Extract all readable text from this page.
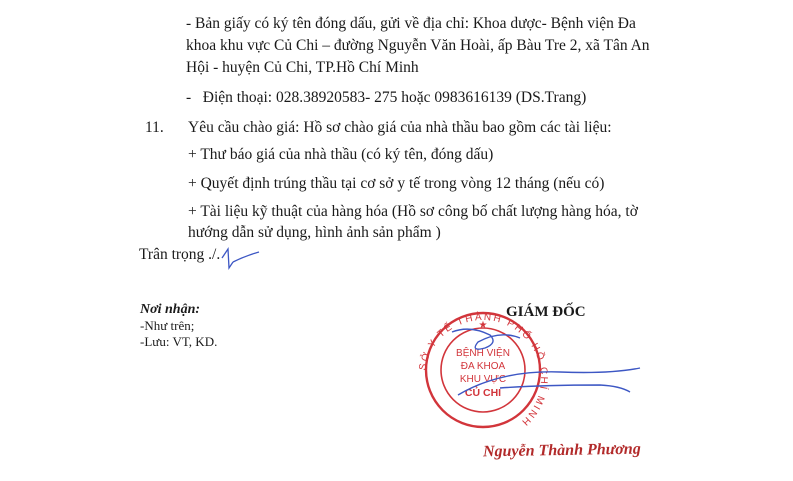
- Bản giấy có ký tên đóng dấu, gửi về địa chỉ: Khoa dược- Bệnh viện Đa
khoa khu vực Củ Chi – đường Nguyễn Văn Hoài, ấp Bàu Tre 2, xã Tân An
Hội - huyện Củ Chi, TP.Hồ Chí Minh
- Điện thoại: 028.38920583- 275 hoặc 0983616139 (DS.Trang)
11. Yêu cầu chào giá: Hồ sơ chào giá của nhà thầu bao gồm các tài liệu:
+ Thư báo giá của nhà thầu (có ký tên, đóng dấu)
+ Quyết định trúng thầu tại cơ sở y tế trong vòng 12 tháng (nếu có)
+ Tài liệu kỹ thuật của hàng hóa (Hồ sơ công bố chất lượng hàng hóa, tờ
hướng dẫn sử dụng, hình ảnh sản phẩm )
Trân trọng ./.
Nơi nhận:
-Như trên;
-Lưu: VT, KD.
GIÁM ĐỐC
SỞ Y TẾ THÀNH PHỐ HỒ CHÍ MINH
BỆNH VIỆN
ĐA KHOA
KHU VỰC
CỦ CHI
★
Nguyễn Thành Phương
